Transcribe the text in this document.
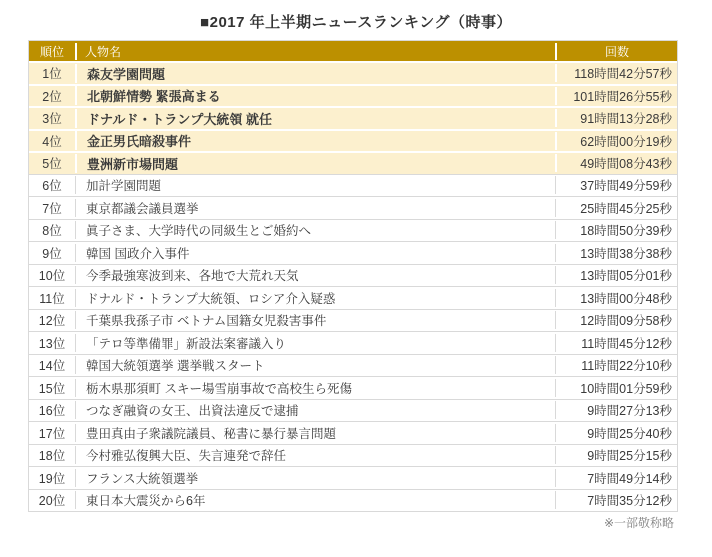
■2017 年上半期ニュースランキング（時事）
順位	人物名	回数
1位	森友学園問題	118時間42分57秒
2位	北朝鮮情勢 緊張高まる	101時間26分55秒
3位	ドナルド・トランプ大統領 就任	91時間13分28秒
4位	金正男氏暗殺事件	62時間00分19秒
5位	豊洲新市場問題	49時間08分43秒
6位	加計学園問題	37時間49分59秒
7位	東京都議会議員選挙	25時間45分25秒
8位	眞子さま、大学時代の同級生とご婚約へ	18時間50分39秒
9位	韓国 国政介入事件	13時間38分38秒
10位	今季最強寒波到来、各地で大荒れ天気	13時間05分01秒
11位	ドナルド・トランプ大統領、ロシア介入疑惑	13時間00分48秒
12位	千葉県我孫子市 ベトナム国籍女児殺害事件	12時間09分58秒
13位	「テロ等準備罪」新設法案審議入り	11時間45分12秒
14位	韓国大統領選挙 選挙戦スタート	11時間22分10秒
15位	栃木県那須町 スキー場雪崩事故で高校生ら死傷	10時間01分59秒
16位	つなぎ融資の女王、出資法違反で逮捕	9時間27分13秒
17位	豊田真由子衆議院議員、秘書に暴行暴言問題	9時間25分40秒
18位	今村雅弘復興大臣、失言連発で辞任	9時間25分15秒
19位	フランス大統領選挙	7時間49分14秒
20位	東日本大震災から6年	7時間35分12秒
※一部敬称略
